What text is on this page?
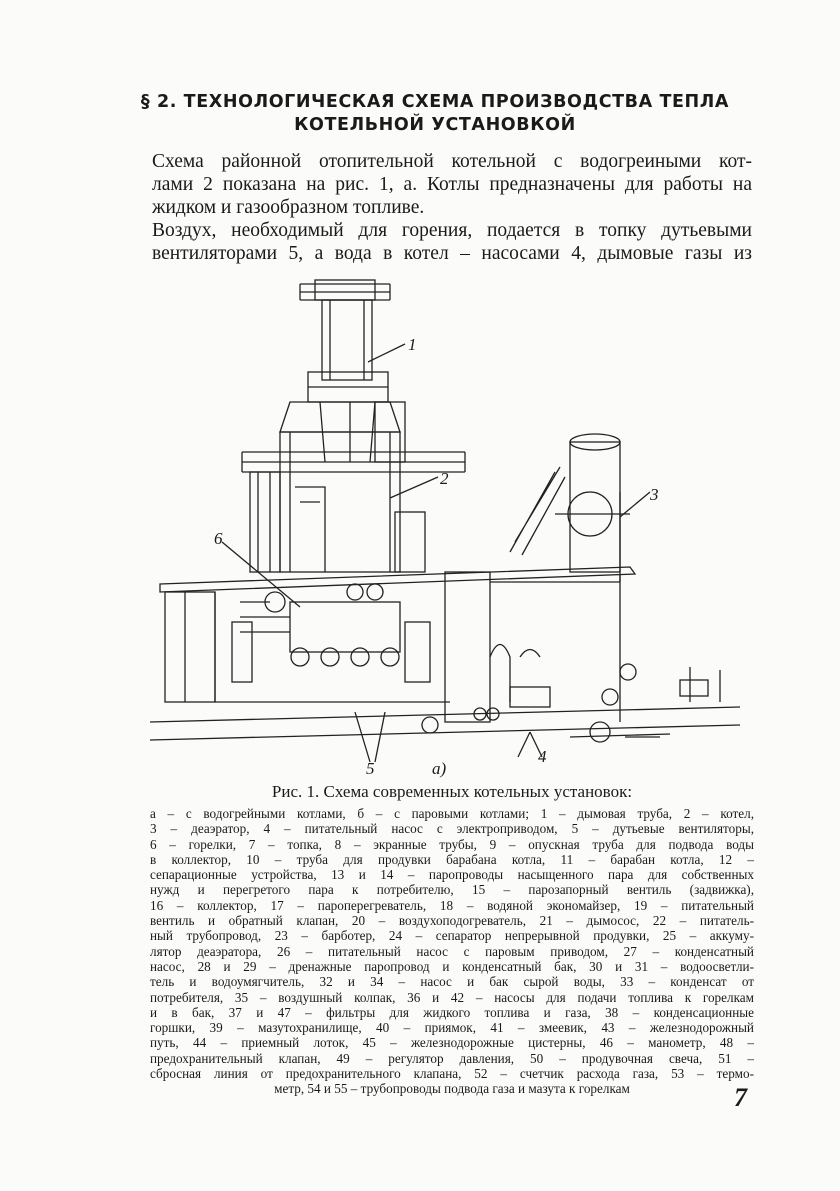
§ 2. ТЕХНОЛОГИЧЕСКАЯ СХЕМА ПРОИЗВОДСТВА ТЕПЛА
КОТЕЛЬНОЙ УСТАНОВКОЙ
Схема районной отопительной котельной с водогреиными кот-
лами 2 показана на рис. 1, а. Котлы предназначены для работы на
жидком и газообразном топливе.
Воздух, необходимый для горения, подается в топку дутьевыми
вентиляторами 5, а вода в котел – насосами 4, дымовые газы из
1
2
3
4
5
6
а)
Рис. 1. Схема современных котельных установок:
а – с водогрейными котлами, б – с паровыми котлами; 1 – дымовая труба, 2 – котел,
3 – деаэратор, 4 – питательный насос с электроприводом, 5 – дутьевые вентиляторы,
6 – горелки, 7 – топка, 8 – экранные трубы, 9 – опускная труба для подвода воды
в коллектор, 10 – труба для продувки барабана котла, 11 – барабан котла, 12 –
сепарационные устройства, 13 и 14 – паропроводы насыщенного пара для собственных
нужд и перегретого пара к потребителю, 15 – парозапорный вентиль (задвижка),
16 – коллектор, 17 – пароперегреватель, 18 – водяной экономайзер, 19 – питательный
вентиль и обратный клапан, 20 – воздухоподогреватель, 21 – дымосос, 22 – питатель-
ный трубопровод, 23 – барботер, 24 – сепаратор непрерывной продувки, 25 – аккуму-
лятор деаэратора, 26 – питательный насос с паровым приводом, 27 – конденсатный
насос, 28 и 29 – дренажные паропровод и конденсатный бак, 30 и 31 – водоосветли-
тель и водоумягчитель, 32 и 34 – насос и бак сырой воды, 33 – конденсат от
потребителя, 35 – воздушный колпак, 36 и 42 – насосы для подачи топлива к горелкам
и в бак, 37 и 47 – фильтры для жидкого топлива и газа, 38 – конденсационные
горшки, 39 – мазутохранилище, 40 – приямок, 41 – змеевик, 43 – железнодорожный
путь, 44 – приемный лоток, 45 – железнодорожные цистерны, 46 – манометр, 48 –
предохранительный клапан, 49 – регулятор давления, 50 – продувочная свеча, 51 –
сбросная линия от предохранительного клапана, 52 – счетчик расхода газа, 53 – термо-
метр, 54 и 55 – трубопроводы подвода газа и мазута к горелкам	7
